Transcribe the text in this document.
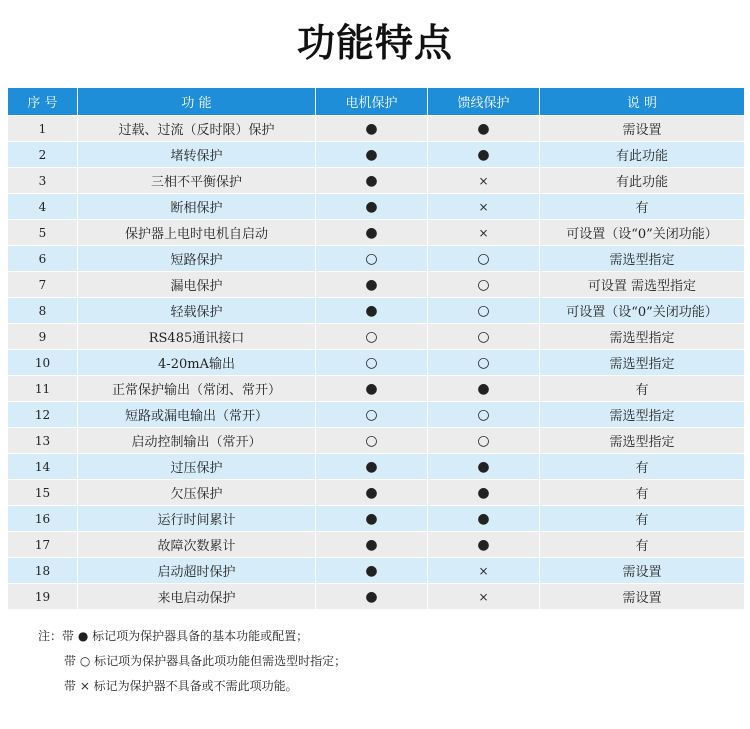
功能特点
序 号	功 能	电机保护	馈线保护	说 明
1	过载、过流（反时限）保护	●	●	需设置
2	堵转保护	●	●	有此功能
3	三相不平衡保护	●	×	有此功能
4	断相保护	●	×	有
5	保护器上电时电机自启动	●	×	可设置（设“0”关闭功能）
6	短路保护	○	○	需选型指定
7	漏电保护	●	○	可设置 需选型指定
8	轻载保护	●	○	可设置（设“0”关闭功能）
9	RS485通讯接口	○	○	需选型指定
10	4-20mA输出	○	○	需选型指定
11	正常保护输出（常闭、常开）	●	●	有
12	短路或漏电输出（常开）	○	○	需选型指定
13	启动控制输出（常开）	○	○	需选型指定
14	过压保护	●	●	有
15	欠压保护	●	●	有
16	运行时间累计	●	●	有
17	故障次数累计	●	●	有
18	启动超时保护	●	×	需设置
19	来电启动保护	●	×	需设置
注：带 ● 标记项为保护器具备的基本功能或配置；
带 ○ 标记项为保护器具备此项功能但需选型时指定；
带 × 标记为保护器不具备或不需此项功能。
